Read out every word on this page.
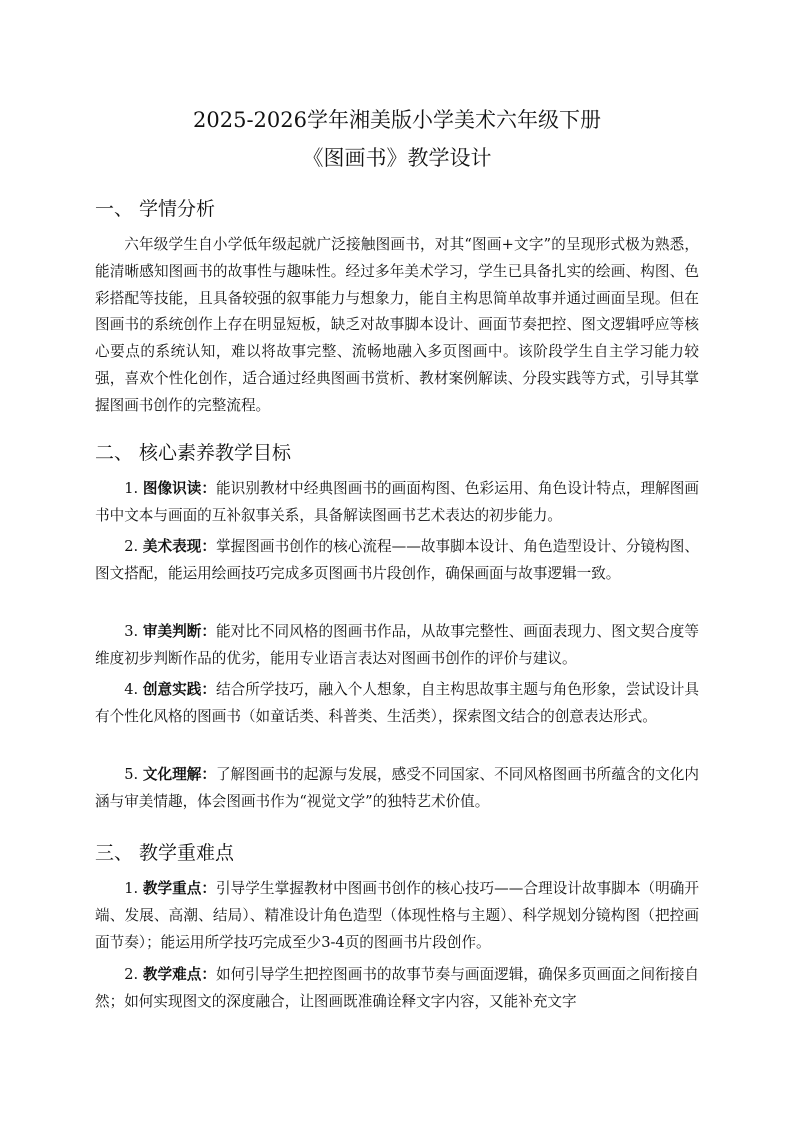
2025-2026学年湘美版小学美术六年级下册
《图画书》教学设计
一、 学情分析

六年级学生自小学低年级起就广泛接触图画书，对其“图画+文字”的呈现形式极为熟悉，能清晰感知图画书的故事性与趣味性。经过多年美术学习，学生已具备扎实的绘画、构图、色彩搭配等技能，且具备较强的叙事能力与想象力，能自主构思简单故事并通过画面呈现。但在图画书的系统创作上存在明显短板，缺乏对故事脚本设计、画面节奏把控、图文逻辑呼应等核心要点的系统认知，难以将故事完整、流畅地融入多页图画中。该阶段学生自主学习能力较强，喜欢个性化创作，适合通过经典图画书赏析、教材案例解读、分段实践等方式，引导其掌握图画书创作的完整流程。

二、 核心素养教学目标

1. 图像识读：能识别教材中经典图画书的画面构图、色彩运用、角色设计特点，理解图画书中文本与画面的互补叙事关系，具备解读图画书艺术表达的初步能力。

2. 美术表现：掌握图画书创作的核心流程——故事脚本设计、角色造型设计、分镜构图、图文搭配，能运用绘画技巧完成多页图画书片段创作，确保画面与故事逻辑一致。

3. 审美判断：能对比不同风格的图画书作品，从故事完整性、画面表现力、图文契合度等维度初步判断作品的优劣，能用专业语言表达对图画书创作的评价与建议。

4. 创意实践：结合所学技巧，融入个人想象，自主构思故事主题与角色形象，尝试设计具有个性化风格的图画书（如童话类、科普类、生活类），探索图文结合的创意表达形式。

5. 文化理解：了解图画书的起源与发展，感受不同国家、不同风格图画书所蕴含的文化内涵与审美情趣，体会图画书作为“视觉文学”的独特艺术价值。

三、 教学重难点

1. 教学重点：引导学生掌握教材中图画书创作的核心技巧——合理设计故事脚本（明确开端、发展、高潮、结局）、精准设计角色造型（体现性格与主题）、科学规划分镜构图（把控画面节奏）；能运用所学技巧完成至少3-4页的图画书片段创作。

2. 教学难点：如何引导学生把控图画书的故事节奏与画面逻辑，确保多页画面之间衔接自然；如何实现图文的深度融合，让图画既准确诠释文字内容，又能补充文字
